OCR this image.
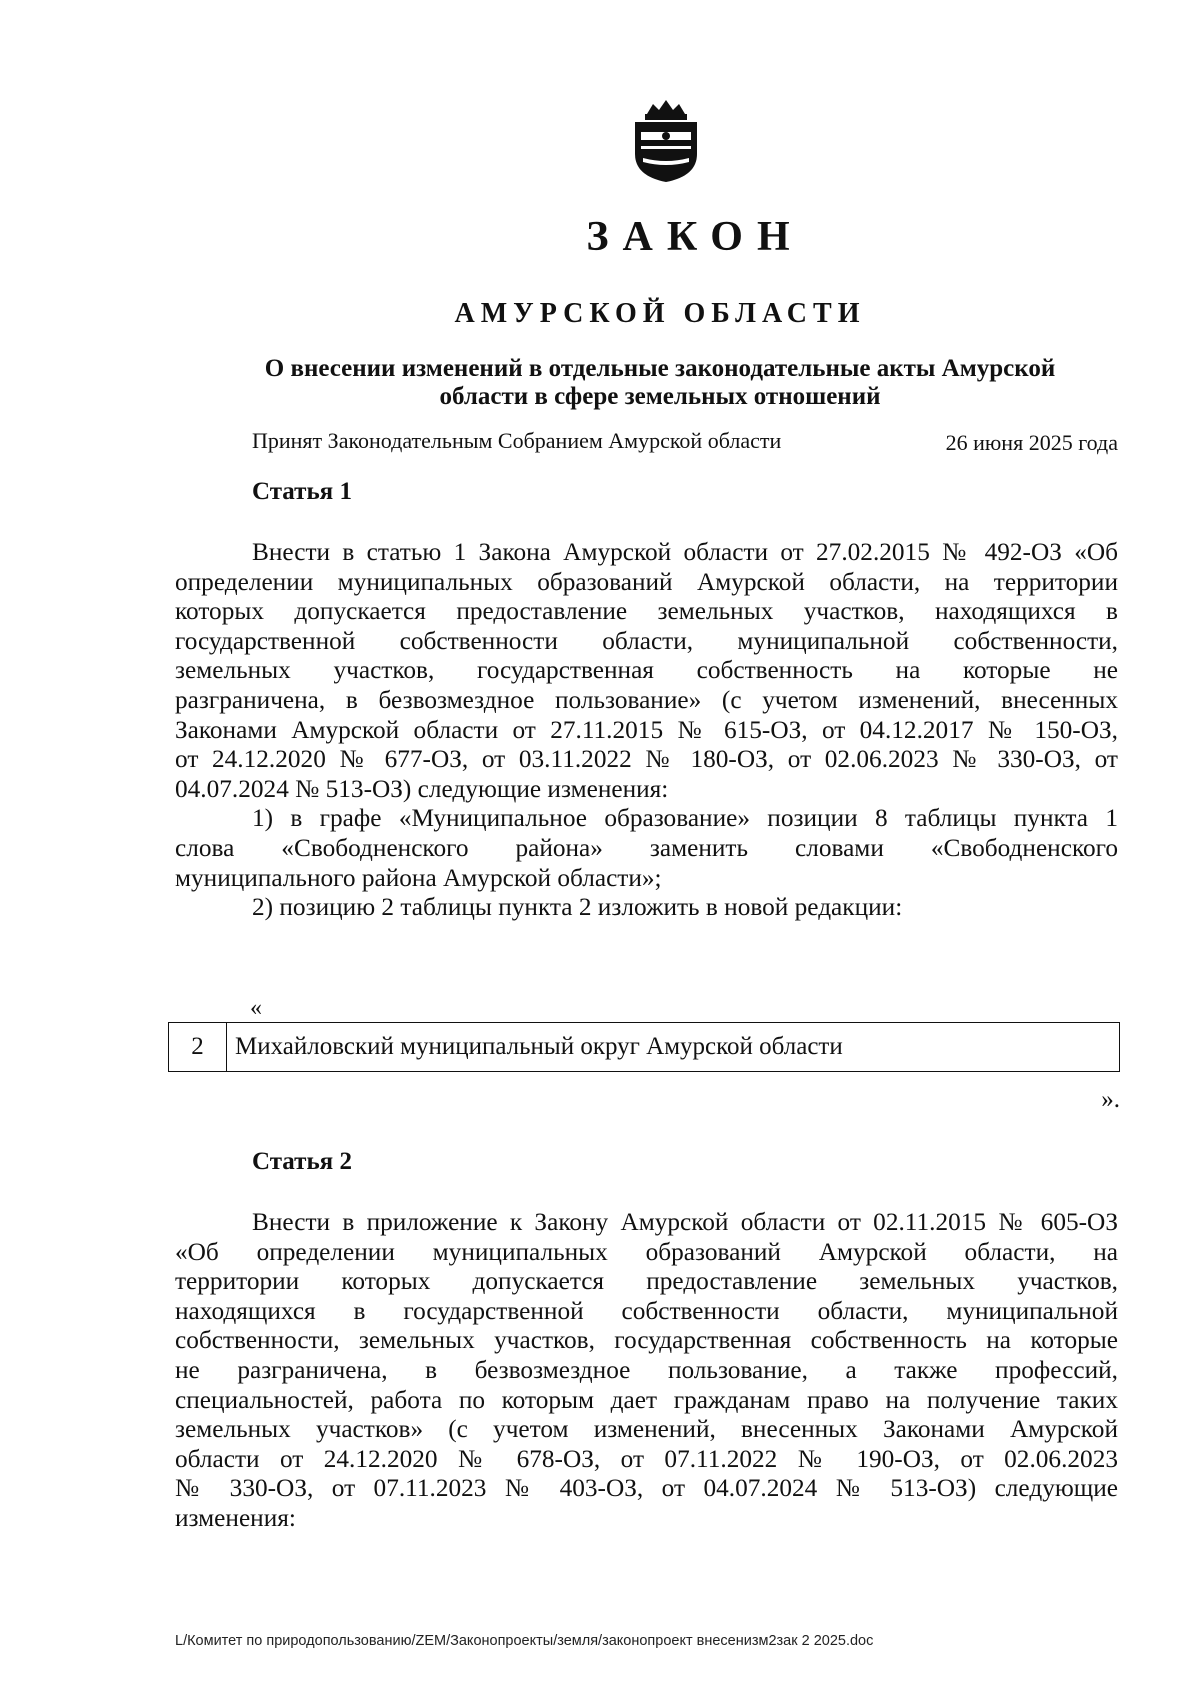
ЗАКОН
АМУРСКОЙ ОБЛАСТИ
О внесении изменений в отдельные законодательные акты Амурской
области в сфере земельных отношений
Принят Законодательным Собранием Амурской области	26 июня 2025 года
Статья 1
Внести в статью 1 Закона Амурской области от 27.02.2015 № 492-ОЗ «Об
определении муниципальных образований Амурской области, на территории
которых допускается предоставление земельных участков, находящихся в
государственной собственности области, муниципальной собственности,
земельных участков, государственная собственность на которые не
разграничена, в безвозмездное пользование» (с учетом изменений, внесенных
Законами Амурской области от 27.11.2015 № 615-ОЗ, от 04.12.2017 № 150-ОЗ,
от 24.12.2020 № 677-ОЗ, от 03.11.2022 № 180-ОЗ, от 02.06.2023 № 330-ОЗ, от
04.07.2024 № 513-ОЗ) следующие изменения:
1) в графе «Муниципальное образование» позиции 8 таблицы пункта 1
слова «Свободненского района» заменить словами «Свободненского
муниципального района Амурской области»;
2) позицию 2 таблицы пункта 2 изложить в новой редакции:
«
2	Михайловский муниципальный округ Амурской области
».
Статья 2
Внести в приложение к Закону Амурской области от 02.11.2015 № 605-ОЗ
«Об определении муниципальных образований Амурской области, на
территории которых допускается предоставление земельных участков,
находящихся в государственной собственности области, муниципальной
собственности, земельных участков, государственная собственность на которые
не разграничена, в безвозмездное пользование, а также профессий,
специальностей, работа по которым дает гражданам право на получение таких
земельных участков» (с учетом изменений, внесенных Законами Амурской
области от 24.12.2020 № 678-ОЗ, от 07.11.2022 № 190-ОЗ, от 02.06.2023
№ 330-ОЗ, от 07.11.2023 № 403-ОЗ, от 04.07.2024 № 513-ОЗ) следующие
изменения:
L/Комитет по природопользованию/ZEM/Законопроекты/земля/законопроект внесенизм2зак 2 2025.doc
